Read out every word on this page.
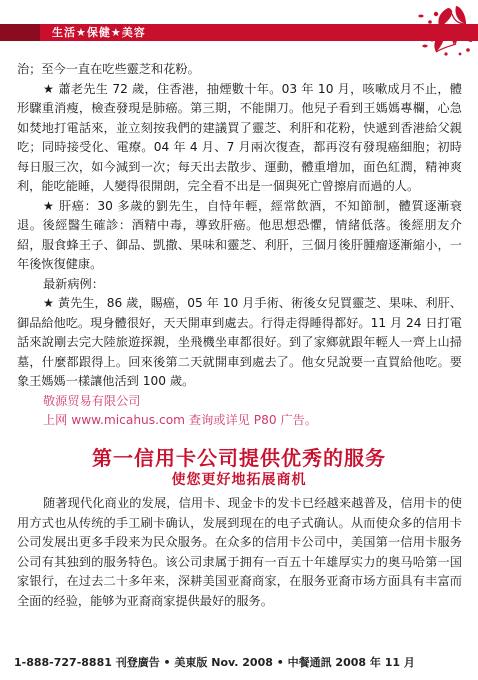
生活★保健★美容

治；至今一直在吃些靈芝和花粉。

★ 蕭老先生 72 歲，住香港，抽煙數十年。03 年 10 月，咳嗽成月不止，體形驟重消瘦，檢查發現是肺癌。第三期，不能開刀。他兒子看到王媽媽專欄，心急如焚地打電話來，並立刻按我們的建議買了靈芝、利肝和花粉，快遞到香港給父親吃；同時接受化、電療。04 年 4 月、7 月兩次復查，都再沒有發現癌細胞；初時每日服三次，如今減到一次；每天出去散步、運動，體重增加，面色紅潤，精神爽利，能吃能睡，人變得很開朗，完全看不出是一個與死亡曾擦肩而過的人。

★ 肝癌：30 多歲的劉先生，自恃年輕，經常飲酒，不知節制，體質逐漸衰退。後經醫生確診：酒精中毒，導致肝癌。他思想恐懼，情緒低落。後經朋友介紹，服食蜂王子、御品、凱撒、果味和靈芝、利肝，三個月後肝腫瘤逐漸縮小，一年後恢復健康。

最新病例：

★ 黃先生，86 歲，賜癌，05 年 10 月手術、術後女兒買靈芝、果味、利肝、御品給他吃。現身體很好，天天開車到處去。行得走得睡得都好。11 月 24 日打電話來說剛去完大陸旅遊探親，坐飛機坐車都很好。到了家鄉就跟年輕人一齊上山掃墓，什麼都跟得上。回來後第二天就開車到處去了。他女兒說要一直買給他吃。要象王媽媽一樣讓他活到 100 歲。

敬源贸易有限公司

上网 www.micahus.com 查询或详见 P80 广告。

第一信用卡公司提供优秀的服务
使您更好地拓展商机

随著现代化商业的发展，信用卡、现金卡的发卡已经越来越普及，信用卡的使用方式也从传统的手工刷卡确认，发展到现在的电子式确认。从而使众多的信用卡公司发展出更多手段来为民众服务。在众多的信用卡公司中，美国第一信用卡服务公司有其独到的服务特色。该公司隶属于拥有一百五十年雄厚实力的奥马哈第一国家银行，在过去二十多年来，深耕美国亚裔商家，在服务亚裔市场方面具有丰富而全面的经验，能够为亚裔商家提供最好的服务。

1-888-727-8881 刊登廣告 • 美東版 Nov. 2008 • 中餐通訊 2008 年 11 月
